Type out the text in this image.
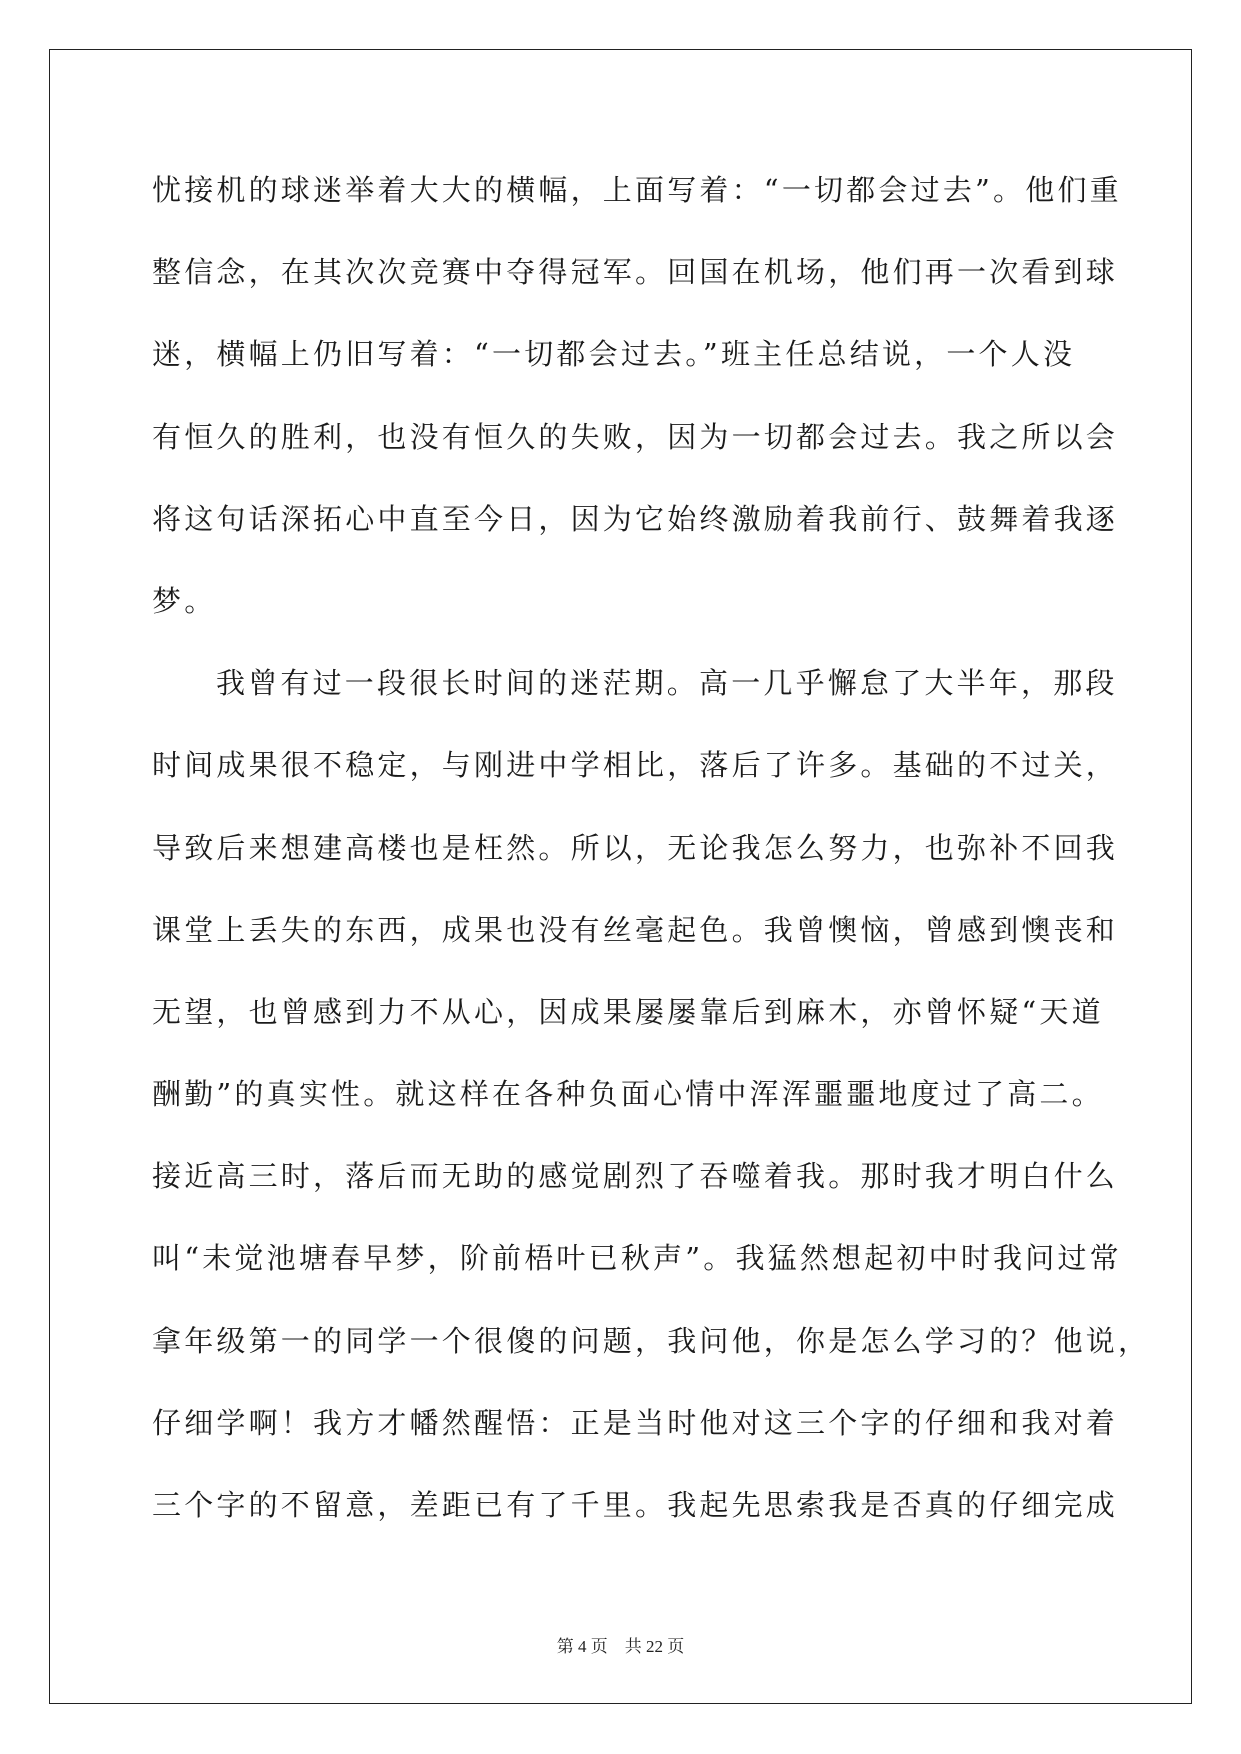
忧接机的球迷举着大大的横幅，上面写着：“一切都会过去”。他们重
整信念，在其次次竞赛中夺得冠军。回国在机场，他们再一次看到球
迷，横幅上仍旧写着：“一切都会过去。”班主任总结说，一个人没
有恒久的胜利，也没有恒久的失败，因为一切都会过去。我之所以会
将这句话深拓心中直至今日，因为它始终激励着我前行、鼓舞着我逐
梦。
我曾有过一段很长时间的迷茫期。高一几乎懈怠了大半年，那段
时间成果很不稳定，与刚进中学相比，落后了许多。基础的不过关，
导致后来想建高楼也是枉然。所以，无论我怎么努力，也弥补不回我
课堂上丢失的东西，成果也没有丝毫起色。我曾懊恼，曾感到懊丧和
无望，也曾感到力不从心，因成果屡屡靠后到麻木，亦曾怀疑“天道
酬勤”的真实性。就这样在各种负面心情中浑浑噩噩地度过了高二。
接近高三时，落后而无助的感觉剧烈了吞噬着我。那时我才明白什么
叫“未觉池塘春早梦，阶前梧叶已秋声”。我猛然想起初中时我问过常
拿年级第一的同学一个很傻的问题，我问他，你是怎么学习的？他说，
仔细学啊！我方才幡然醒悟：正是当时他对这三个字的仔细和我对着
三个字的不留意，差距已有了千里。我起先思索我是否真的仔细完成
第 4 页 共 22 页
